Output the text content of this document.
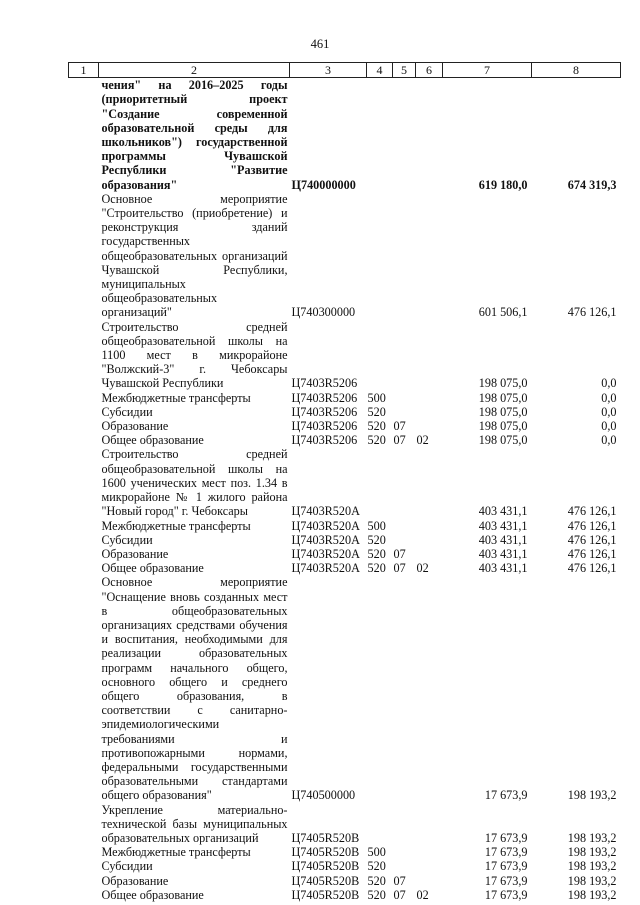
461
1	2	3	4	5	6	7	8
	чения" на 2016–2025 годы (приоритетный проект "Создание современной образовательной среды для школьников") государственной программы Чувашской Республики "Развитие образования"	Ц740000000				619 180,0	674 319,3
	Основное мероприятие "Строительство (приобретение) и реконструкция зданий государственных общеобразовательных организаций Чувашской Республики, муниципальных общеобразовательных организаций"	Ц740300000				601 506,1	476 126,1
	Строительство средней общеобразовательной школы на 1100 мест в микрорайоне "Волжский-3" г. Чебоксары Чувашской Республики	Ц7403R5206				198 075,0	0,0
	Межбюджетные трансферты	Ц7403R5206	500			198 075,0	0,0
	Субсидии	Ц7403R5206	520			198 075,0	0,0
	Образование	Ц7403R5206	520	07		198 075,0	0,0
	Общее образование	Ц7403R5206	520	07	02	198 075,0	0,0
	Строительство средней общеобразовательной школы на 1600 ученических мест поз. 1.34 в микрорайоне № 1 жилого района "Новый город" г. Чебоксары	Ц7403R520A				403 431,1	476 126,1
	Межбюджетные трансферты	Ц7403R520A	500			403 431,1	476 126,1
	Субсидии	Ц7403R520A	520			403 431,1	476 126,1
	Образование	Ц7403R520A	520	07		403 431,1	476 126,1
	Общее образование	Ц7403R520A	520	07	02	403 431,1	476 126,1
	Основное мероприятие "Оснащение вновь созданных мест в общеобразовательных организациях средствами обучения и воспитания, необходимыми для реализации образовательных программ начального общего, основного общего и среднего общего образования, в соответствии с санитарно-эпидемиологическими требованиями и противопожарными нормами, федеральными государственными образовательными стандартами общего образования"	Ц740500000				17 673,9	198 193,2
	Укрепление материально-технической базы муниципальных образовательных организаций	Ц7405R520B				17 673,9	198 193,2
	Межбюджетные трансферты	Ц7405R520B	500			17 673,9	198 193,2
	Субсидии	Ц7405R520B	520			17 673,9	198 193,2
	Образование	Ц7405R520B	520	07		17 673,9	198 193,2
	Общее образование	Ц7405R520B	520	07	02	17 673,9	198 193,2
